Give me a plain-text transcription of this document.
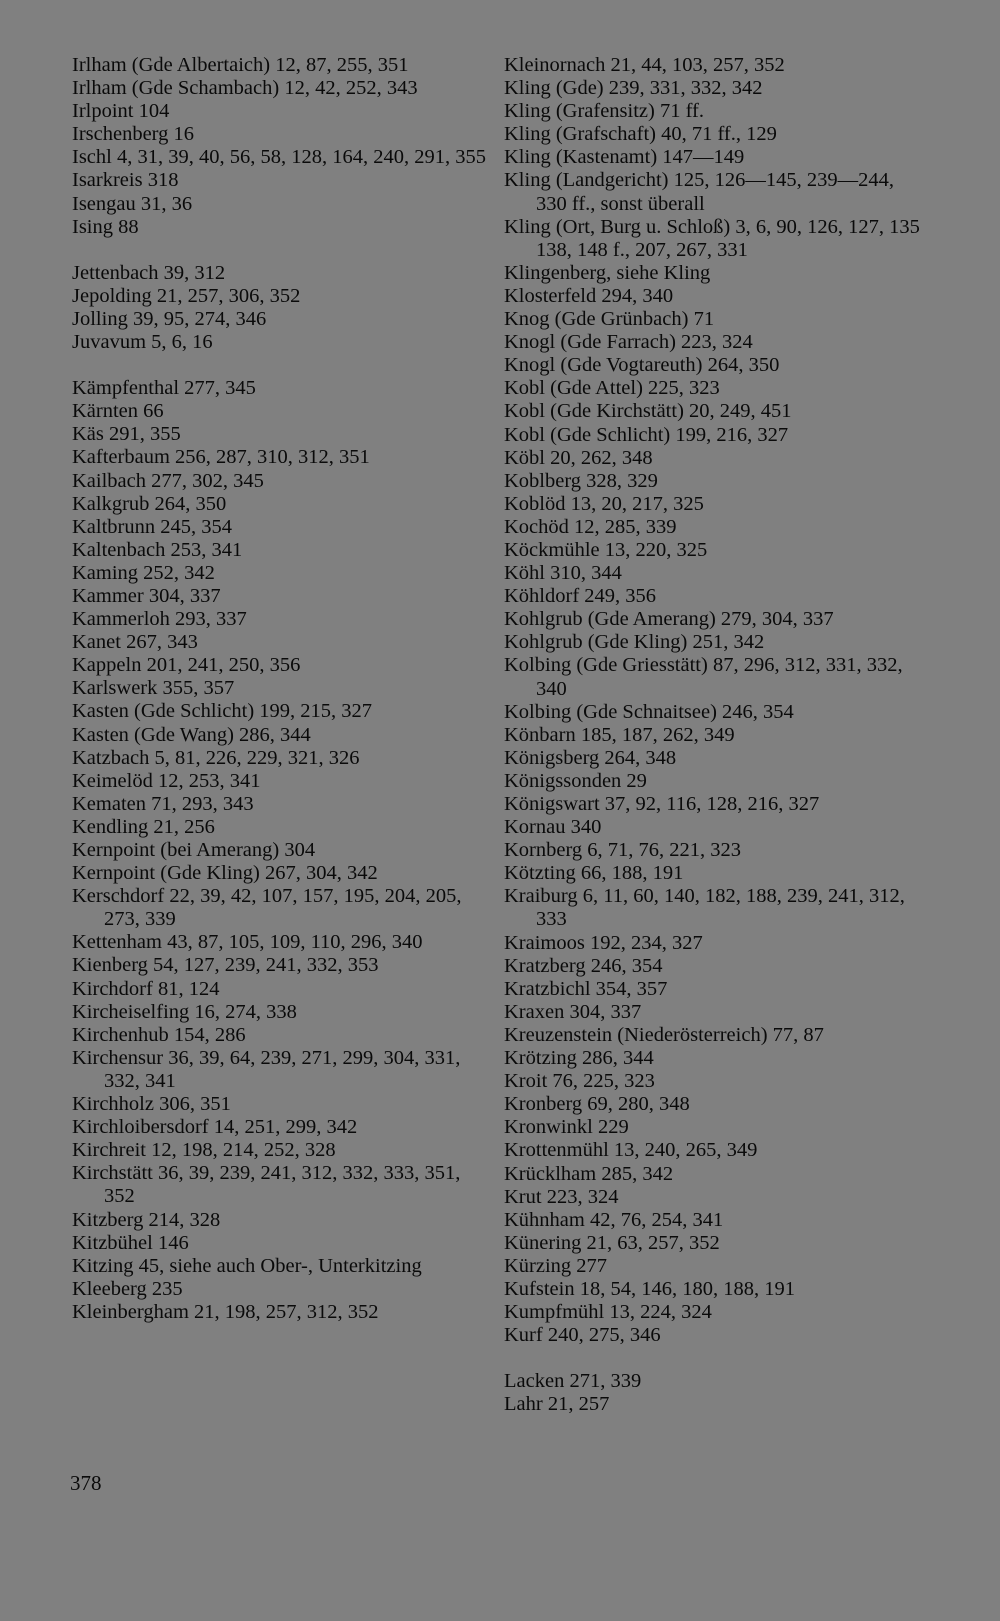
Irlham (Gde Albertaich) 12, 87, 255, 351

Irlham (Gde Schambach) 12, 42, 252, 343

Irlpoint 104

Irschenberg 16

Ischl 4, 31, 39, 40, 56, 58, 128, 164, 240, 291, 355

Isarkreis 318

Isengau 31, 36

Ising 88

Jettenbach 39, 312

Jepolding 21, 257, 306, 352

Jolling 39, 95, 274, 346

Juvavum 5, 6, 16

Kämpfenthal 277, 345

Kärnten 66

Käs 291, 355

Kafterbaum 256, 287, 310, 312, 351

Kailbach 277, 302, 345

Kalkgrub 264, 350

Kaltbrunn 245, 354

Kaltenbach 253, 341

Kaming 252, 342

Kammer 304, 337

Kammerloh 293, 337

Kanet 267, 343

Kappeln 201, 241, 250, 356

Karlswerk 355, 357

Kasten (Gde Schlicht) 199, 215, 327

Kasten (Gde Wang) 286, 344

Katzbach 5, 81, 226, 229, 321, 326

Keimelöd 12, 253, 341

Kematen 71, 293, 343

Kendling 21, 256

Kernpoint (bei Amerang) 304

Kernpoint (Gde Kling) 267, 304, 342

Kerschdorf 22, 39, 42, 107, 157, 195, 204, 205, 273, 339

Kettenham 43, 87, 105, 109, 110, 296, 340

Kienberg 54, 127, 239, 241, 332, 353

Kirchdorf 81, 124

Kircheiselfing 16, 274, 338

Kirchenhub 154, 286

Kirchensur 36, 39, 64, 239, 271, 299, 304, 331, 332, 341

Kirchholz 306, 351

Kirchloibersdorf 14, 251, 299, 342

Kirchreit 12, 198, 214, 252, 328

Kirchstätt 36, 39, 239, 241, 312, 332, 333, 351, 352

Kitzberg 214, 328

Kitzbühel 146

Kitzing 45, siehe auch Ober-, Unterkitzing

Kleeberg 235

Kleinbergham 21, 198, 257, 312, 352

Kleinornach 21, 44, 103, 257, 352

Kling (Gde) 239, 331, 332, 342

Kling (Grafensitz) 71 ff.

Kling (Grafschaft) 40, 71 ff., 129

Kling (Kastenamt) 147—149

Kling (Landgericht) 125, 126—145, 239—244, 330 ff., sonst überall

Kling (Ort, Burg u. Schloß) 3, 6, 90, 126, 127, 135 138, 148 f., 207, 267, 331

Klingenberg, siehe Kling

Klosterfeld 294, 340

Knog (Gde Grünbach) 71

Knogl (Gde Farrach) 223, 324

Knogl (Gde Vogtareuth) 264, 350

Kobl (Gde Attel) 225, 323

Kobl (Gde Kirchstätt) 20, 249, 451

Kobl (Gde Schlicht) 199, 216, 327

Köbl 20, 262, 348

Koblberg 328, 329

Koblöd 13, 20, 217, 325

Kochöd 12, 285, 339

Köckmühle 13, 220, 325

Köhl 310, 344

Köhldorf 249, 356

Kohlgrub (Gde Amerang) 279, 304, 337

Kohlgrub (Gde Kling) 251, 342

Kolbing (Gde Griesstätt) 87, 296, 312, 331, 332, 340

Kolbing (Gde Schnaitsee) 246, 354

Könbarn 185, 187, 262, 349

Königsberg 264, 348

Königssonden 29

Königswart 37, 92, 116, 128, 216, 327

Kornau 340

Kornberg 6, 71, 76, 221, 323

Kötzting 66, 188, 191

Kraiburg 6, 11, 60, 140, 182, 188, 239, 241, 312, 333

Kraimoos 192, 234, 327

Kratzberg 246, 354

Kratzbichl 354, 357

Kraxen 304, 337

Kreuzenstein (Niederösterreich) 77, 87

Krötzing 286, 344

Kroit 76, 225, 323

Kronberg 69, 280, 348

Kronwinkl 229

Krottenmühl 13, 240, 265, 349

Krücklham 285, 342

Krut 223, 324

Kühnham 42, 76, 254, 341

Künering 21, 63, 257, 352

Kürzing 277

Kufstein 18, 54, 146, 180, 188, 191

Kumpfmühl 13, 224, 324

Kurf 240, 275, 346

Lacken 271, 339

Lahr 21, 257

378
